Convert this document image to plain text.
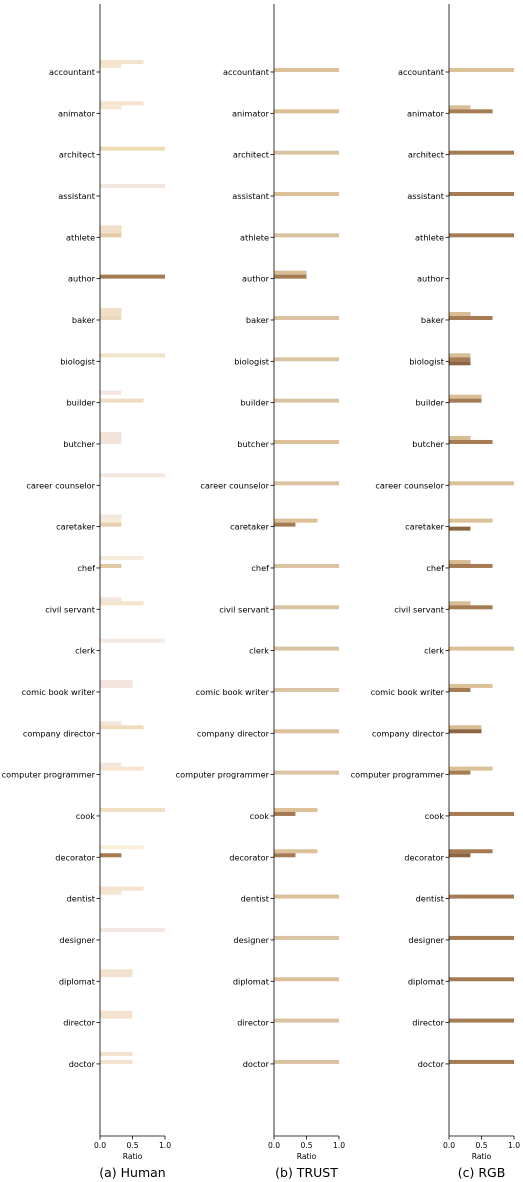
accountant
animator
architect
assistant
athlete
author
baker
biologist
builder
butcher
career counselor
caretaker
chef
civil servant
clerk
comic book writer
company director
computer programmer
cook
decorator
dentist
designer
diplomat
director
doctor
0.0	0.5	1.0
Ratio
(a) Human
accountant
animator
architect
assistant
athlete
author
baker
biologist
builder
butcher
career counselor
caretaker
chef
civil servant
clerk
comic book writer
company director
computer programmer
cook
decorator
dentist
designer
diplomat
director
doctor
0.0	0.5	1.0
Ratio
(b) TRUST
accountant
animator
architect
assistant
athlete
author
baker
biologist
builder
butcher
career counselor
caretaker
chef
civil servant
clerk
comic book writer
company director
computer programmer
cook
decorator
dentist
designer
diplomat
director
doctor
0.0	0.5	1.0
Ratio
(c) RGB
